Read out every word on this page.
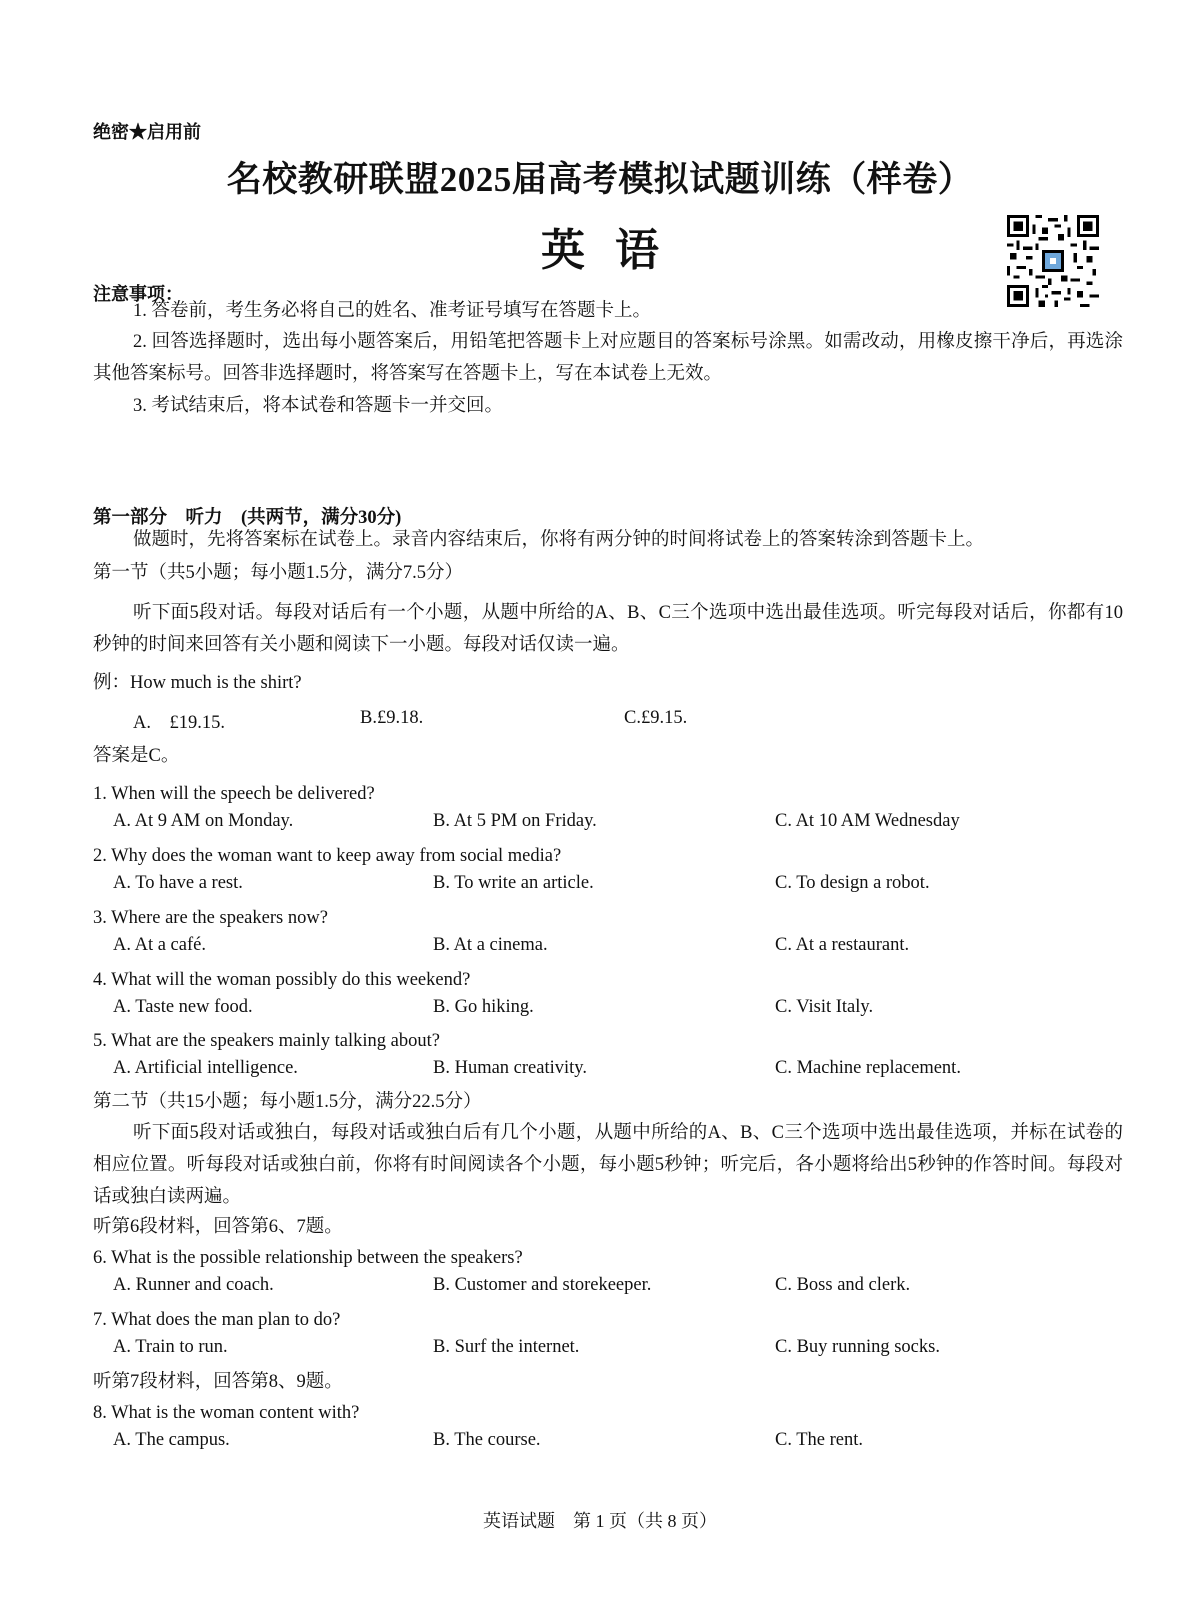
绝密★启用前
名校教研联盟2025届高考模拟试题训练（样卷）
英语
注意事项：
1. 答卷前，考生务必将自己的姓名、准考证号填写在答题卡上。
2. 回答选择题时，选出每小题答案后，用铅笔把答题卡上对应题目的答案标号涂黑。如需改动，用橡皮擦干净后，再选涂其他答案标号。回答非选择题时，将答案写在答题卡上，写在本试卷上无效。
3. 考试结束后，将本试卷和答题卡一并交回。
第一部分　听力　(共两节，满分30分)
做题时，先将答案标在试卷上。录音内容结束后，你将有两分钟的时间将试卷上的答案转涂到答题卡上。
第一节（共5小题；每小题1.5分，满分7.5分）
听下面5段对话。每段对话后有一个小题，从题中所给的A、B、C三个选项中选出最佳选项。听完每段对话后，你都有10秒钟的时间来回答有关小题和阅读下一小题。每段对话仅读一遍。
例：How much is the shirt?
A.　£19.15.	B.£9.18.	C.£9.15.
答案是C。
1. When will the speech be delivered?
A. At 9 AM on Monday.	B. At 5 PM on Friday.	C. At 10 AM Wednesday
2. Why does the woman want to keep away from social media?
A. To have a rest.	B. To write an article.	C. To design a robot.
3. Where are the speakers now?
A. At a café.	B. At a cinema.	C. At a restaurant.
4. What will the woman possibly do this weekend?
A. Taste new food.	B. Go hiking.	C. Visit Italy.
5. What are the speakers mainly talking about?
A. Artificial intelligence.	B. Human creativity.	C. Machine replacement.
第二节（共15小题；每小题1.5分，满分22.5分）
听下面5段对话或独白，每段对话或独白后有几个小题，从题中所给的A、B、C三个选项中选出最佳选项，并标在试卷的相应位置。听每段对话或独白前，你将有时间阅读各个小题，每小题5秒钟；听完后，各小题将给出5秒钟的作答时间。每段对话或独白读两遍。
听第6段材料，回答第6、7题。
6. What is the possible relationship between the speakers?
A. Runner and coach.	B. Customer and storekeeper.	C. Boss and clerk.
7. What does the man plan to do?
A. Train to run.	B. Surf the internet.	C. Buy running socks.
听第7段材料，回答第8、9题。
8. What is the woman content with?
A. The campus.	B. The course.	C. The rent.
英语试题　第 1 页（共 8 页）
